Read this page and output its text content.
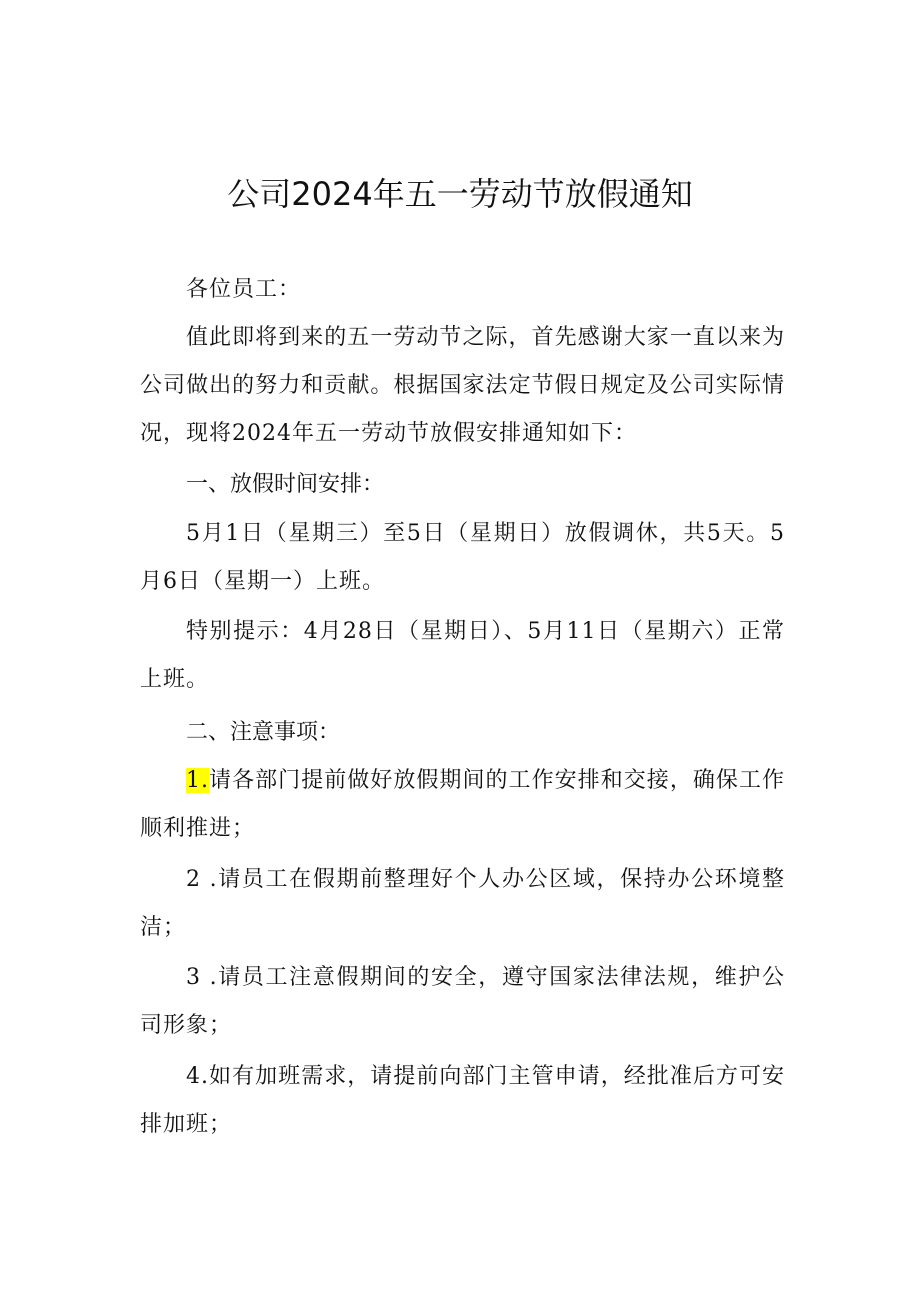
公司2024年五一劳动节放假通知
各位员工：
值此即将到来的五一劳动节之际，首先感谢大家一直以来为公司做出的努力和贡献。根据国家法定节假日规定及公司实际情况，现将2024年五一劳动节放假安排通知如下：
一、放假时间安排：
5月1日（星期三）至5日（星期日）放假调休，共5天。5月6日（星期一）上班。
特别提示：4月28日（星期日）、5月11日（星期六）正常上班。
二、注意事项：
1.请各部门提前做好放假期间的工作安排和交接，确保工作顺利推进；
2 .请员工在假期前整理好个人办公区域，保持办公环境整洁；
3 .请员工注意假期间的安全，遵守国家法律法规，维护公司形象；
4.如有加班需求，请提前向部门主管申请，经批准后方可安排加班；
